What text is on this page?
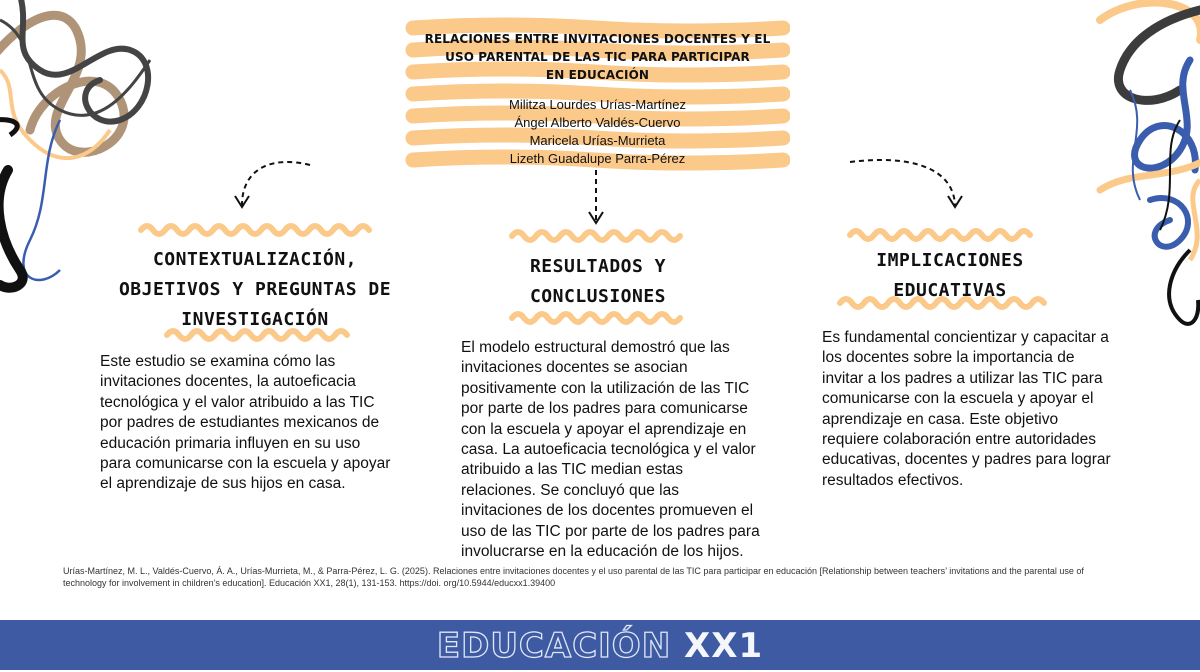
RELACIONES ENTRE INVITACIONES DOCENTES Y EL
USO PARENTAL DE LAS TIC PARA PARTICIPAR
EN EDUCACIÓN
Militza Lourdes Urías-Martínez
Ángel Alberto Valdés-Cuervo
Maricela Urías-Murrieta
Lizeth Guadalupe Parra-Pérez
CONTEXTUALIZACIÓN,
OBJETIVOS Y PREGUNTAS DE
INVESTIGACIÓN
Este estudio se examina cómo las
invitaciones docentes, la autoeficacia
tecnológica y el valor atribuido a las TIC
por padres de estudiantes mexicanos de
educación primaria influyen en su uso
para comunicarse con la escuela y apoyar
el aprendizaje de sus hijos en casa.
RESULTADOS Y
CONCLUSIONES
El modelo estructural demostró que las
invitaciones docentes se asocian
positivamente con la utilización de las TIC
por parte de los padres para comunicarse
con la escuela y apoyar el aprendizaje en
casa. La autoeficacia tecnológica y el valor
atribuido a las TIC median estas
relaciones. Se concluyó que las
invitaciones de los docentes promueven el
uso de las TIC por parte de los padres para
involucrarse en la educación de los hijos.
IMPLICACIONES
EDUCATIVAS
Es fundamental concientizar y capacitar a
los docentes sobre la importancia de
invitar a los padres a utilizar las TIC para
comunicarse con la escuela y apoyar el
aprendizaje en casa. Este objetivo
requiere colaboración entre autoridades
educativas, docentes y padres para lograr
resultados efectivos.
Urías-Martínez, M. L., Valdés-Cuervo, Á. A., Urías-Murrieta, M., & Parra-Pérez, L. G. (2025). Relaciones entre invitaciones docentes y el uso parental de las TIC para participar en educación [Relationship between teachers’ invitations and the parental use of
technology for involvement in children’s education]. Educación XX1, 28(1), 131-153. https://doi. org/10.5944/educxx1.39400
EDUCACIÓN XX1
